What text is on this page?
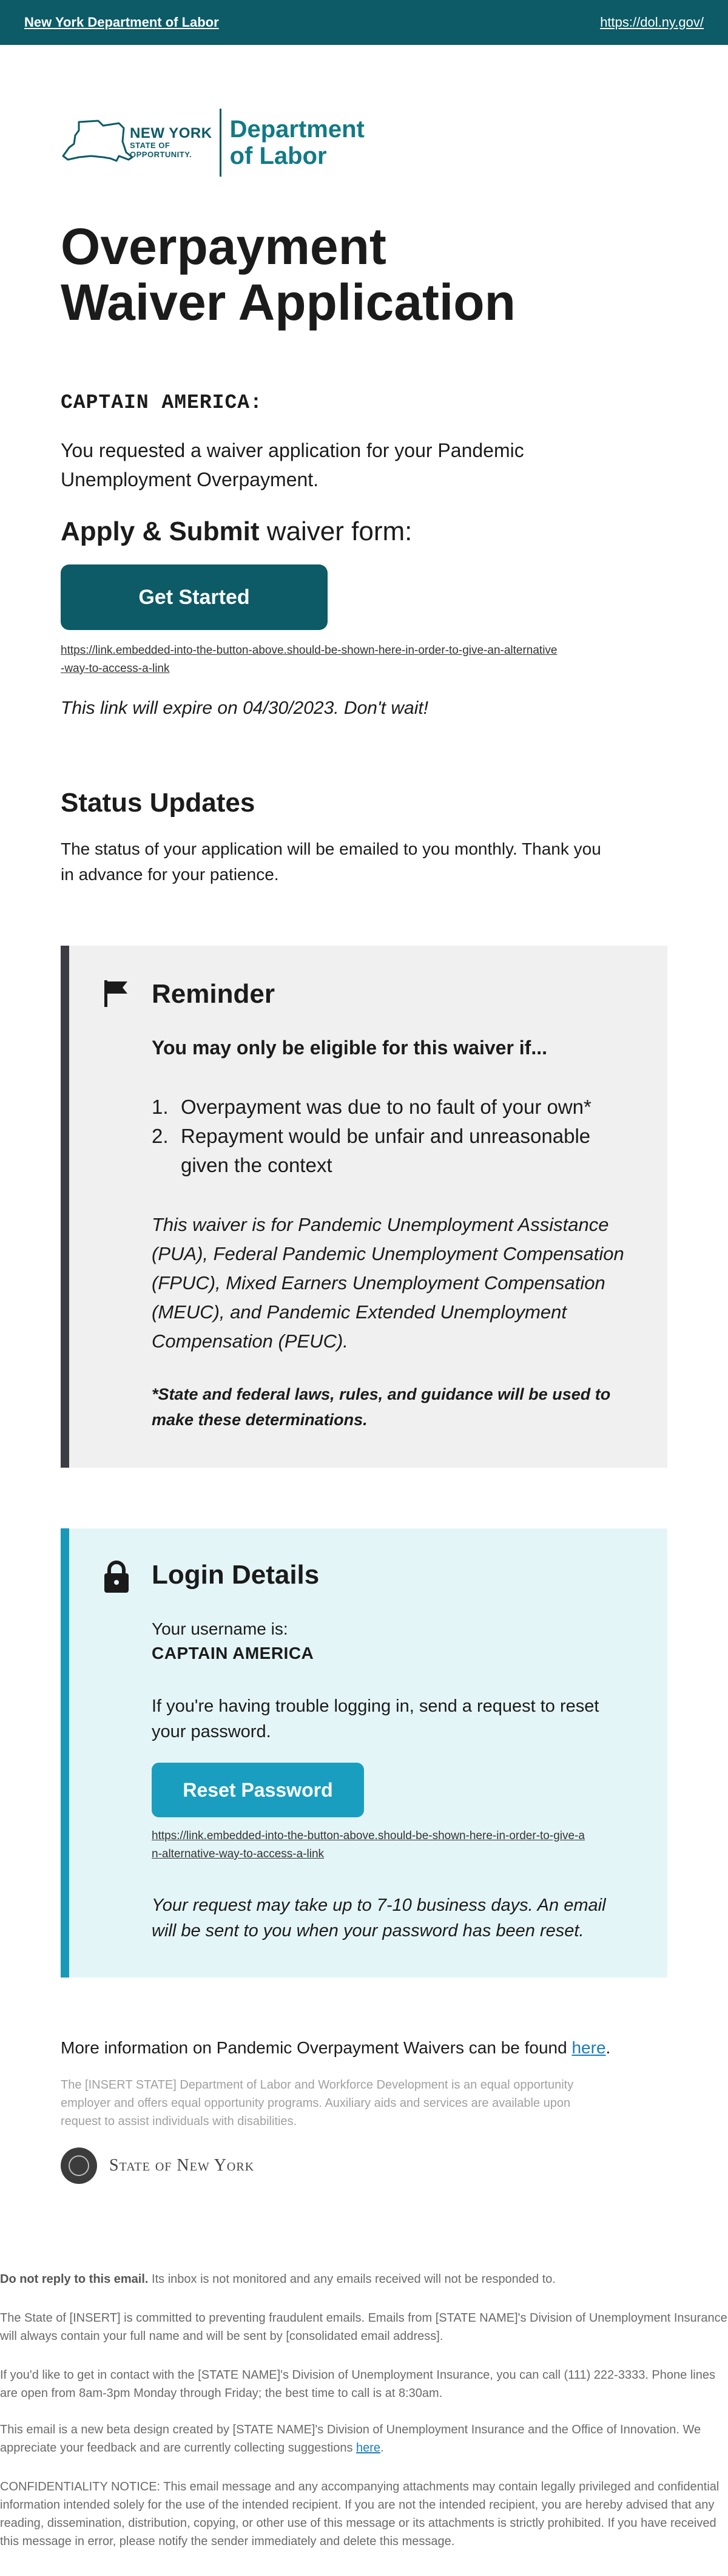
New York Department of Labor	https://dol.ny.gov/
NEW YORK
STATE OF
OPPORTUNITY.
Department
of Labor
Overpayment
Waiver Application
CAPTAIN AMERICA:
You requested a waiver application for your Pandemic Unemployment Overpayment.
Apply & Submit waiver form:
Get Started
https://link.embedded-into-the-button-above.should-be-shown-here-in-order-to-give-an-alternative-way-to-access-a-link
This link will expire on 04/30/2023. Don't wait!
Status Updates
The status of your application will be emailed to you monthly. Thank you in advance for your patience.
Reminder
You may only be eligible for this waiver if...
1. Overpayment was due to no fault of your own*
2. Repayment would be unfair and unreasonable given the context
This waiver is for Pandemic Unemployment Assistance (PUA), Federal Pandemic Unemployment Compensation (FPUC), Mixed Earners Unemployment Compensation (MEUC), and Pandemic Extended Unemployment Compensation (PEUC).
*State and federal laws, rules, and guidance will be used to make these determinations.
Login Details
Your username is:
CAPTAIN AMERICA
If you're having trouble logging in, send a request to reset your password.
Reset Password
https://link.embedded-into-the-button-above.should-be-shown-here-in-order-to-give-an-alternative-way-to-access-a-link
Your request may take up to 7-10 business days. An email will be sent to you when your password has been reset.
More information on Pandemic Overpayment Waivers can be found here.
The [INSERT STATE] Department of Labor and Workforce Development is an equal opportunity employer and offers equal opportunity programs. Auxiliary aids and services are available upon request to assist individuals with disabilities.
State of New York
Do not reply to this email. Its inbox is not monitored and any emails received will not be responded to.
The State of [INSERT] is committed to preventing fraudulent emails. Emails from [STATE NAME]'s Division of Unemployment Insurance will always contain your full name and will be sent by [consolidated email address].
If you'd like to get in contact with the [STATE NAME]'s Division of Unemployment Insurance, you can call (111) 222-3333. Phone lines are open from 8am-3pm Monday through Friday; the best time to call is at 8:30am.
This email is a new beta design created by [STATE NAME]'s Division of Unemployment Insurance and the Office of Innovation. We appreciate your feedback and are currently collecting suggestions here.
CONFIDENTIALITY NOTICE: This email message and any accompanying attachments may contain legally privileged and confidential information intended solely for the use of the intended recipient. If you are not the intended recipient, you are hereby advised that any reading, dissemination, distribution, copying, or other use of this message or its attachments is strictly prohibited. If you have received this message in error, please notify the sender immediately and delete this message.
